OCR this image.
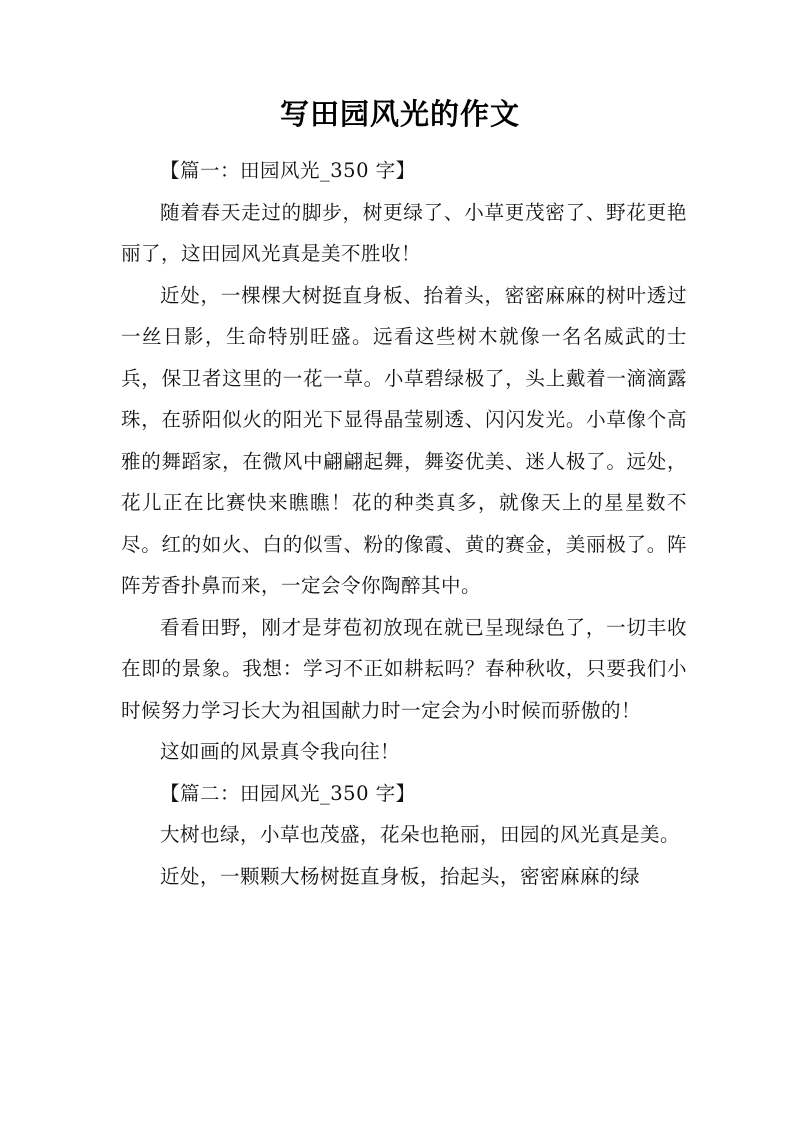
写田园风光的作文

【篇一：田园风光_350 字】

随着春天走过的脚步，树更绿了、小草更茂密了、野花更艳丽了，这田园风光真是美不胜收！

近处，一棵棵大树挺直身板、抬着头，密密麻麻的树叶透过一丝日影，生命特别旺盛。远看这些树木就像一名名威武的士兵，保卫者这里的一花一草。小草碧绿极了，头上戴着一滴滴露珠，在骄阳似火的阳光下显得晶莹剔透、闪闪发光。小草像个高雅的舞蹈家，在微风中翩翩起舞，舞姿优美、迷人极了。远处，花儿正在比赛快来瞧瞧！花的种类真多，就像天上的星星数不尽。红的如火、白的似雪、粉的像霞、黄的赛金，美丽极了。阵阵芳香扑鼻而来，一定会令你陶醉其中。

看看田野，刚才是芽苞初放现在就已呈现绿色了，一切丰收在即的景象。我想：学习不正如耕耘吗？春种秋收，只要我们小时候努力学习长大为祖国献力时一定会为小时候而骄傲的！

这如画的风景真令我向往！

【篇二：田园风光_350 字】

大树也绿，小草也茂盛，花朵也艳丽，田园的风光真是美。

近处，一颗颗大杨树挺直身板，抬起头，密密麻麻的绿
